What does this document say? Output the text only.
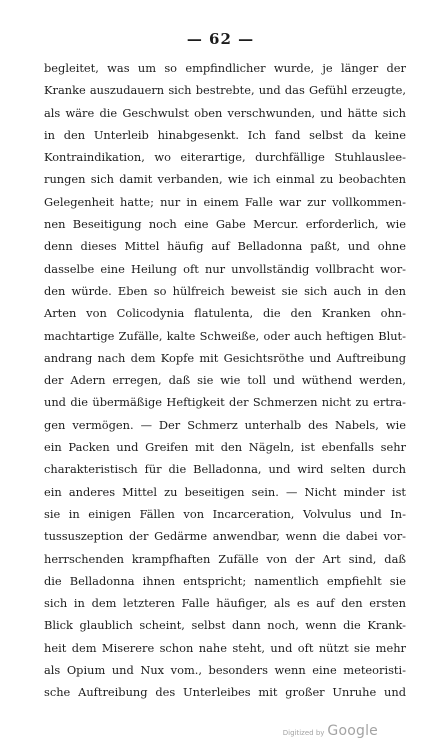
— 62 —
begleitet, was um so empfindlicher wurde, je länger der
Kranke auszudauern sich bestrebte, und das Gefühl erzeugte,
als wäre die Geschwulst oben verschwunden, und hätte sich
in den Unterleib hinabgesenkt. Ich fand selbst da keine
Kontraindikation, wo eiterartige, durchfällige Stuhlauslee-
rungen sich damit verbanden, wie ich einmal zu beobachten
Gelegenheit hatte; nur in einem Falle war zur vollkommen-
nen Beseitigung noch eine Gabe Mercur. erforderlich, wie
denn dieses Mittel häufig auf Belladonna paßt, und ohne
dasselbe eine Heilung oft nur unvollständig vollbracht wor-
den würde. Eben so hülfreich beweist sie sich auch in den
Arten von Colicodynia flatulenta, die den Kranken ohn-
machtartige Zufälle, kalte Schweiße, oder auch heftigen Blut-
andrang nach dem Kopfe mit Gesichtsröthe und Auftreibung
der Adern erregen, daß sie wie toll und wüthend werden,
und die übermäßige Heftigkeit der Schmerzen nicht zu ertra-
gen vermögen. — Der Schmerz unterhalb des Nabels, wie
ein Packen und Greifen mit den Nägeln, ist ebenfalls sehr
charakteristisch für die Belladonna, und wird selten durch
ein anderes Mittel zu beseitigen sein. — Nicht minder ist
sie in einigen Fällen von Incarceration, Volvulus und In-
tussuszeption der Gedärme anwendbar, wenn die dabei vor-
herrschenden krampfhaften Zufälle von der Art sind, daß
die Belladonna ihnen entspricht; namentlich empfiehlt sie
sich in dem letzteren Falle häufiger, als es auf den ersten
Blick glaublich scheint, selbst dann noch, wenn die Krank-
heit dem Miserere schon nahe steht, und oft nützt sie mehr
als Opium und Nux vom., besonders wenn eine meteoristi-
sche Auftreibung des Unterleibes mit großer Unruhe und
Digitized by Google
